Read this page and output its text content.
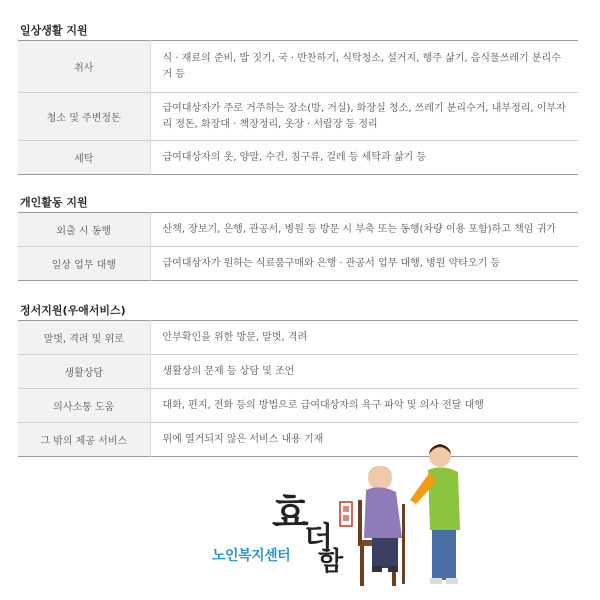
일상생활 지원
취사	식 · 재료의 준비, 밥 짓기, 국 · 반찬하기, 식탁청소, 설거지, 행주 삶기, 음식물쓰레기 분리수거 등
청소 및 주변정돈	급여대상자가 주로 거주하는 장소(방, 거실), 화장실 청소, 쓰레기 분리수거, 내부정리, 이부자리 정돈, 화장대 · 책장정리, 옷장 · 서랍장 등 정리
세탁	급여대상자의 옷, 양말, 수건, 침구류, 걸레 등 세탁과 삶기 등
개인활동 지원
외출 시 동행	산책, 장보기, 은행, 관공서, 병원 등 방문 시 부축 또는 동행(차량 이용 포함)하고 책임 귀가
일상 업무 대행	급여대상자가 원하는 식료품구매와 은행 · 관공서 업무 대행, 병원 약타오기 등
정서지원(우애서비스)
말벗, 격려 및 위로	안부확인을 위한 방문, 말벗, 격려
생활상담	생활상의 문제 등 상담 및 조언
의사소통 도움	대화, 편지, 전화 등의 방법으로 급여대상자의 욕구 파악 및 의사 전달 대행
그 밖의 제공 서비스	위에 열거되지 않은 서비스 내용 기재
효
더
함
노인복지센터
